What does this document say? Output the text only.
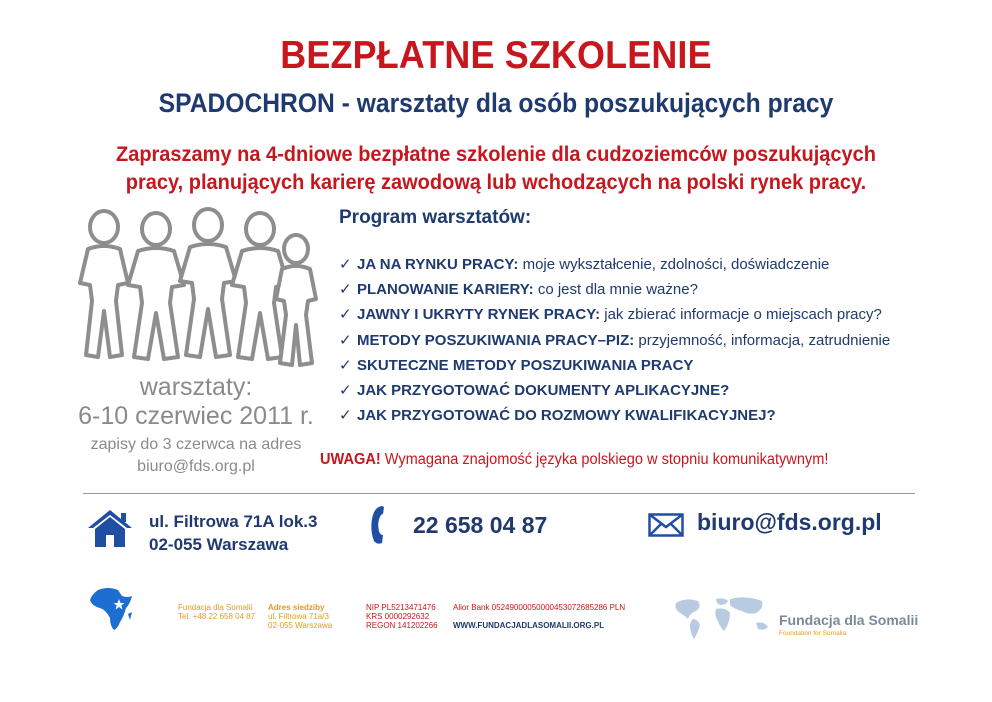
BEZPŁATNE SZKOLENIE
SPADOCHRON - warsztaty dla osób poszukujących pracy
Zapraszamy na 4-dniowe bezpłatne szkolenie dla cudzoziemców poszukujących
pracy, planujących karierę zawodową lub wchodzących na polski rynek pracy.
warsztaty:
6-10 czerwiec 2011 r.
zapisy do 3 czerwca na adres
biuro@fds.org.pl
Program warsztatów:
✓ JA NA RYNKU PRACY: moje wykształcenie, zdolności, doświadczenie
✓ PLANOWANIE KARIERY: co jest dla mnie ważne?
✓ JAWNY I UKRYTY RYNEK PRACY: jak zbierać informacje o miejscach pracy?
✓ METODY POSZUKIWANIA PRACY–PIZ: przyjemność, informacja, zatrudnienie
✓ SKUTECZNE METODY POSZUKIWANIA PRACY
✓ JAK PRZYGOTOWAĆ DOKUMENTY APLIKACYJNE?
✓ JAK PRZYGOTOWAĆ DO ROZMOWY KWALIFIKACYJNEJ?
UWAGA! Wymagana znajomość języka polskiego w stopniu komunikatywnym!
ul. Filtrowa 71A lok.3
02-055 Warszawa
22 658 04 87	biuro@fds.org.pl
Fundacja dla Somalii
Tel. +48 22 658 04 87
Adres siedziby
ul. Filtrowa 71a/3
02-055 Warszawa
NIP PL5213471476
KRS 0000292632
REGON 141202266
Alior Bank 05249000050000453072685286 PLN
WWW.FUNDACJADLASOMALII.ORG.PL	Fundacja dla Somalii
Foundation for Somalia
